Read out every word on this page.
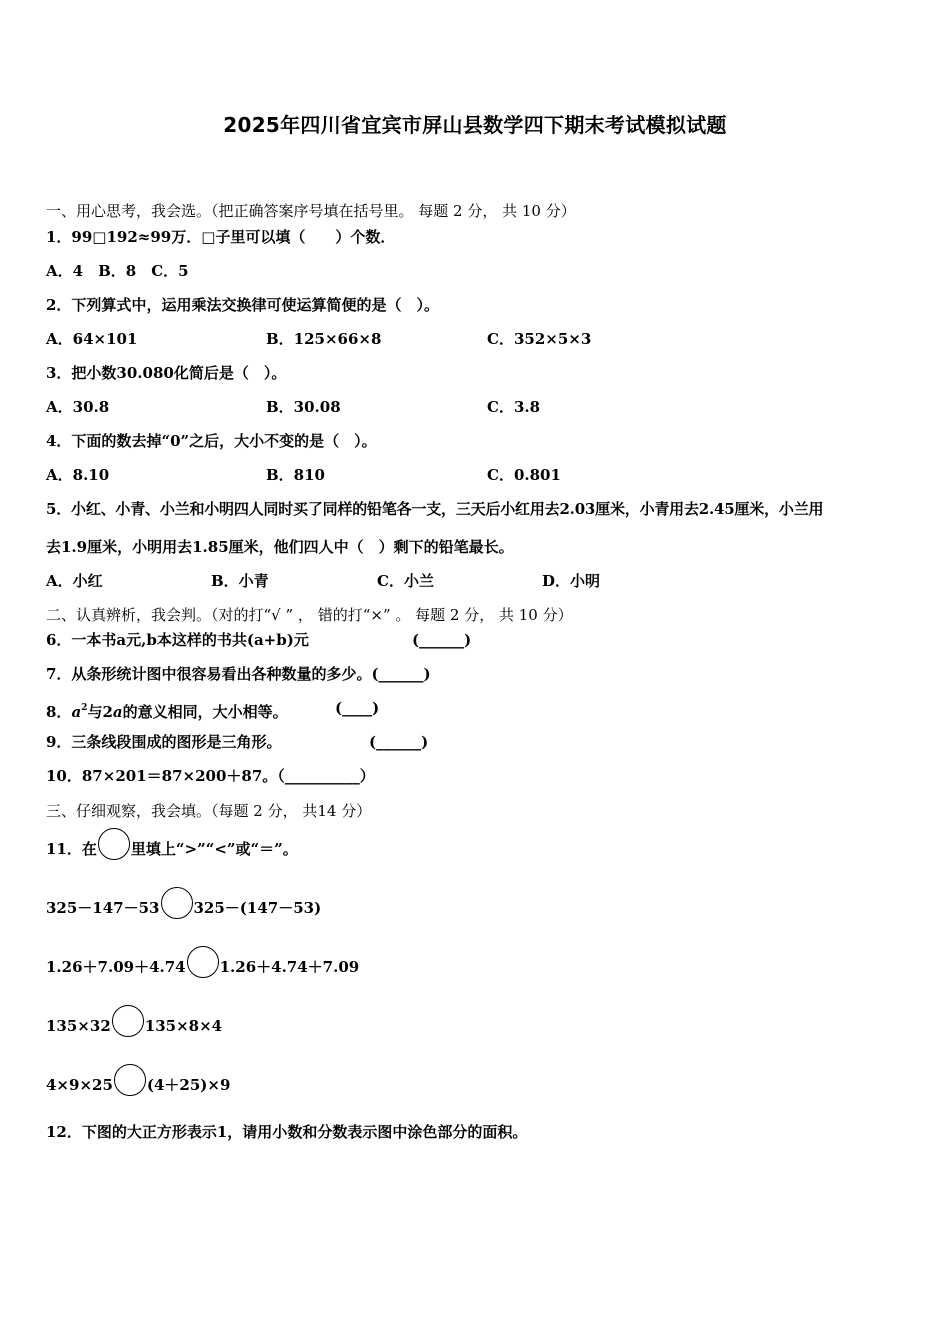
2025年四川省宜宾市屏山县数学四下期末考试模拟试题
一、用心思考，我会选。（把正确答案序号填在括号里。 每题 2 分， 共 10 分）
1．99□192≈99万．□子里可以填（　　）个数．
A．4　B．8　C．5
2．下列算式中，运用乘法交换律可使运算简便的是（　）。
A．64×101	B．125×66×8	C．352×5×3
3．把小数30.080化简后是（　）。
A．30.8	B．30.08	C．3.8
4．下面的数去掉“0”之后，大小不变的是（　）。
A．8.10	B．810	C．0.801
5．小红、小青、小兰和小明四人同时买了同样的铅笔各一支，三天后小红用去2.03厘米，小青用去2.45厘米，小兰用
去1.9厘米，小明用去1.85厘米，他们四人中（　）剩下的铅笔最长。
A．小红	B．小青	C．小兰	D．小明
二、认真辨析，我会判。（对的打“√ ” ， 错的打“×” 。 每题 2 分， 共 10 分）
6．一本书a元,b本这样的书共(a+b)元	(______)
7．从条形统计图中很容易看出各种数量的多少。(______)
8．$a^2$与2a的意义相同，大小相等。	(____)
9．三条线段围成的图形是三角形。	(______)
10．87×201＝87×200＋87。（__________）
三、仔细观察，我会填。（每题 2 分， 共14 分）
11．在 里填上“>”“<”或“＝”。
325－147－53 325－(147－53)
1.26＋7.09＋4.74 1.26＋4.74＋7.09
135×32 135×8×4
4×9×25 (4＋25)×9
12．下图的大正方形表示1，请用小数和分数表示图中涂色部分的面积。
